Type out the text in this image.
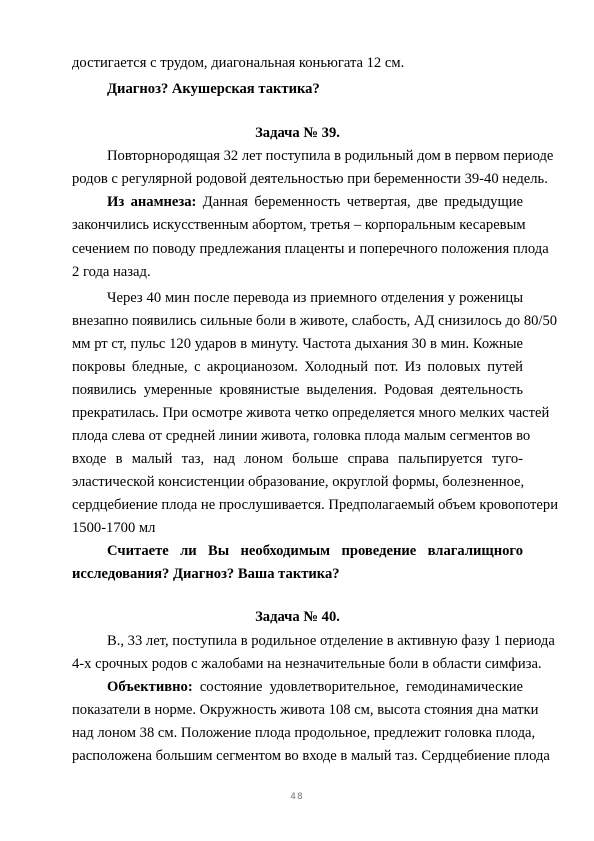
достигается с трудом, диагональная коньюгата 12 см.
Диагноз? Акушерская тактика?
Задача № 39.
Повторнородящая 32 лет поступила в родильный дом в первом периоде
родов с регулярной родовой деятельностью при беременности 39-40 недель.
Из анамнеза: Данная беременность четвертая, две предыдущие
закончились искусственным абортом, третья – корпоральным кесаревым
сечением по поводу предлежания плаценты и поперечного положения плода
2 года назад.
Через 40 мин после перевода из приемного отделения у роженицы
внезапно появились сильные боли в животе, слабость, АД снизилось до 80/50
мм рт ст, пульс 120 ударов в минуту. Частота дыхания 30 в мин. Кожные
покровы бледные, с акроцианозом. Холодный пот. Из половых путей
появились умеренные кровянистые выделения. Родовая деятельность
прекратилась. При осмотре живота четко определяется много мелких частей
плода слева от средней линии живота, головка плода малым сегментов во
входе в малый таз, над лоном больше справа пальпируется туго-
эластической консистенции образование, округлой формы, болезненное,
сердцебиение плода не прослушивается. Предполагаемый объем кровопотери
1500-1700 мл
Считаете ли Вы необходимым проведение влагалищного
исследования? Диагноз? Ваша тактика?
Задача № 40.
В., 33 лет, поступила в родильное отделение в активную фазу 1 периода
4-х срочных родов с жалобами на незначительные боли в области симфиза.
Объективно: состояние удовлетворительное, гемодинамические
показатели в норме. Окружность живота 108 см, высота стояния дна матки
над лоном 38 см. Положение плода продольное, предлежит головка плода,
расположена большим сегментом во входе в малый таз. Сердцебиение плода
48
